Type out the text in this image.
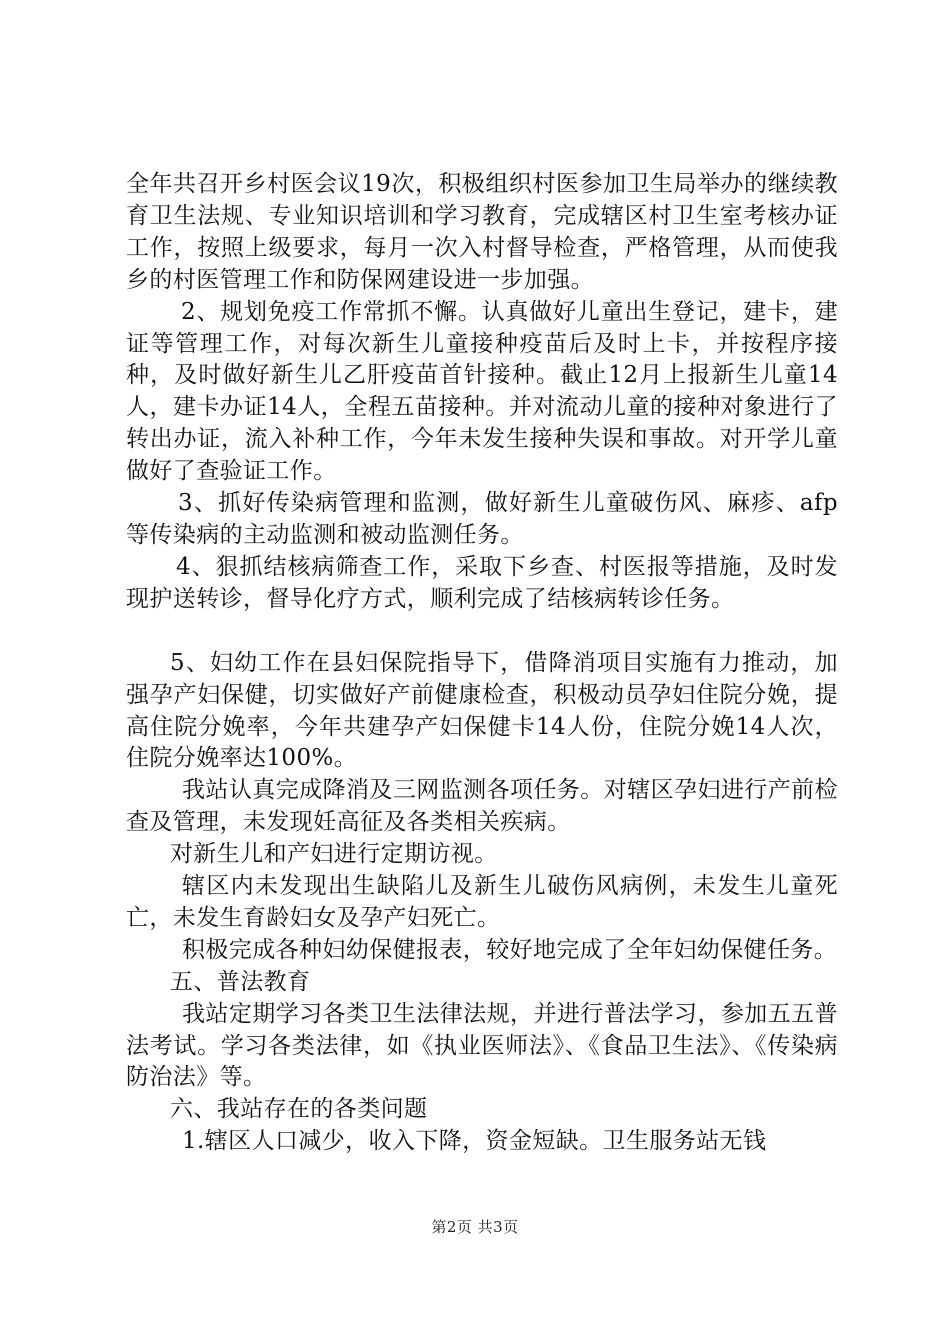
全年共召开乡村医会议19次，积极组织村医参加卫生局举办的继续教育卫生法规、专业知识培训和学习教育，完成辖区村卫生室考核办证工作，按照上级要求，每月一次入村督导检查，严格管理，从而使我乡的村医管理工作和防保网建设进一步加强。

2、规划免疫工作常抓不懈。认真做好儿童出生登记，建卡，建证等管理工作，对每次新生儿童接种疫苗后及时上卡，并按程序接种，及时做好新生儿乙肝疫苗首针接种。截止12月上报新生儿童14人，建卡办证14人，全程五苗接种。并对流动儿童的接种对象进行了转出办证，流入补种工作，今年未发生接种失误和事故。对开学儿童做好了查验证工作。

3、抓好传染病管理和监测，做好新生儿童破伤风、麻疹、afp等传染病的主动监测和被动监测任务。

4、狠抓结核病筛查工作，采取下乡查、村医报等措施，及时发现护送转诊，督导化疗方式，顺利完成了结核病转诊任务。

5、妇幼工作在县妇保院指导下，借降消项目实施有力推动，加强孕产妇保健，切实做好产前健康检查，积极动员孕妇住院分娩，提高住院分娩率，今年共建孕产妇保健卡14人份，住院分娩14人次，住院分娩率达100%。

我站认真完成降消及三网监测各项任务。对辖区孕妇进行产前检查及管理，未发现妊高征及各类相关疾病。

对新生儿和产妇进行定期访视。

辖区内未发现出生缺陷儿及新生儿破伤风病例，未发生儿童死亡，未发生育龄妇女及孕产妇死亡。

积极完成各种妇幼保健报表，较好地完成了全年妇幼保健任务。

五、普法教育

我站定期学习各类卫生法律法规，并进行普法学习，参加五五普法考试。学习各类法律，如《执业医师法》、《食品卫生法》、《传染病防治法》等。

六、我站存在的各类问题

1.辖区人口减少，收入下降，资金短缺。卫生服务站无钱

第2页 共3页
